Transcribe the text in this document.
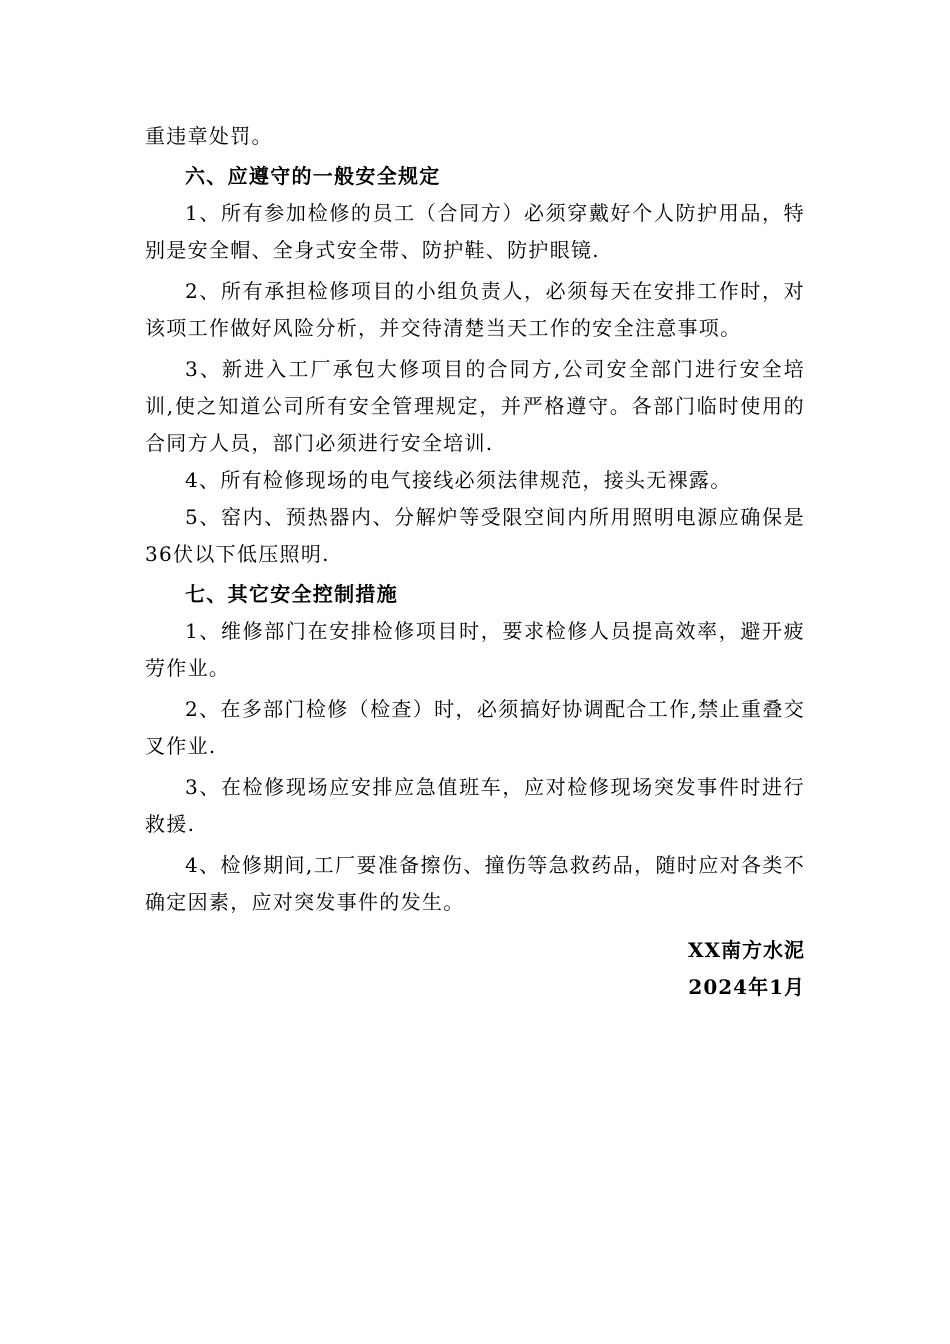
重违章处罚。

六、应遵守的一般安全规定

1、所有参加检修的员工（合同方）必须穿戴好个人防护用品，特别是安全帽、全身式安全带、防护鞋、防护眼镜.

2、所有承担检修项目的小组负责人，必须每天在安排工作时，对该项工作做好风险分析，并交待清楚当天工作的安全注意事项。

3、新进入工厂承包大修项目的合同方,公司安全部门进行安全培训,使之知道公司所有安全管理规定，并严格遵守。各部门临时使用的合同方人员，部门必须进行安全培训.

4、所有检修现场的电气接线必须法律规范，接头无裸露。

5、窑内、预热器内、分解炉等受限空间内所用照明电源应确保是36伏以下低压照明.

七、其它安全控制措施

1、维修部门在安排检修项目时，要求检修人员提高效率，避开疲劳作业。

2、在多部门检修（检查）时，必须搞好协调配合工作,禁止重叠交叉作业.

3、在检修现场应安排应急值班车，应对检修现场突发事件时进行救援.

4、检修期间,工厂要准备擦伤、撞伤等急救药品，随时应对各类不确定因素，应对突发事件的发生。

XX南方水泥

2024年1月
